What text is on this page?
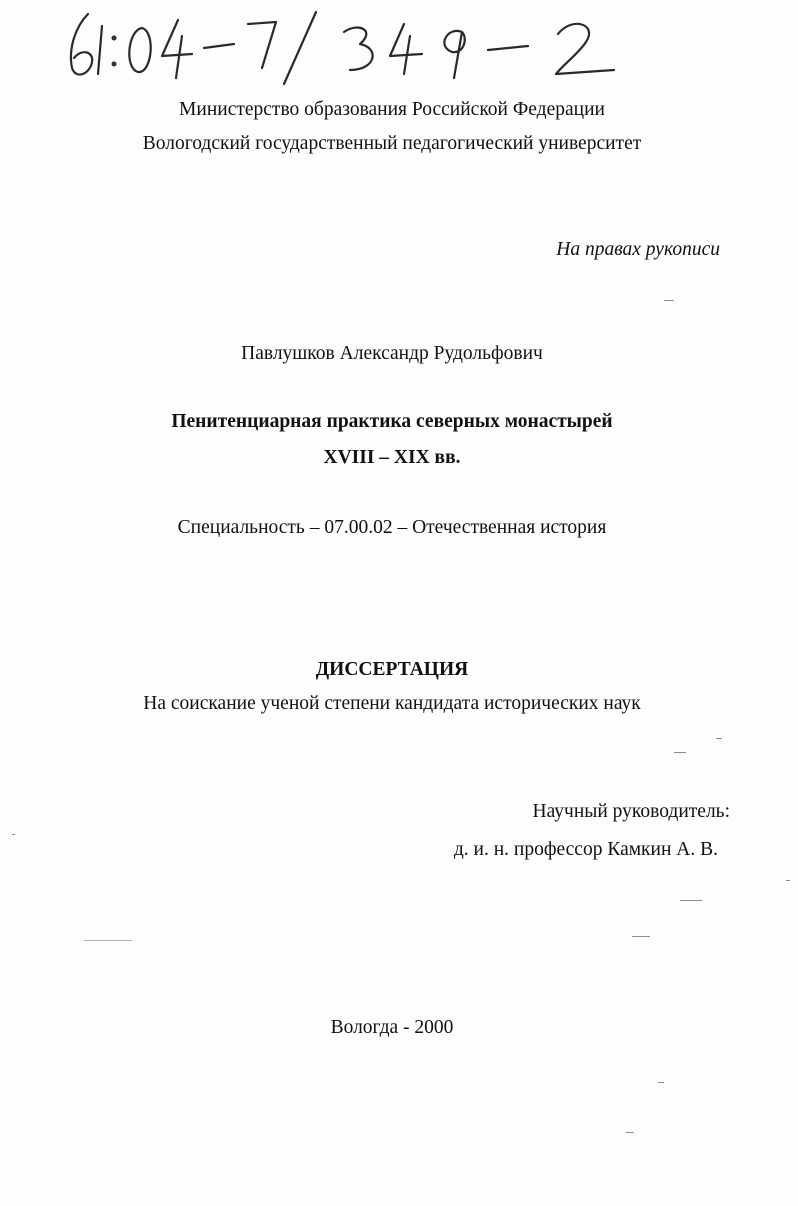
Министерство образования Российской Федерации
Вологодский государственный педагогический университет
На правах рукописи
Павлушков Александр Рудольфович
Пенитенциарная практика северных монастырей
XVIII – XIX вв.
Специальность – 07.00.02 – Отечественная история
ДИССЕРТАЦИЯ
На соискание ученой степени кандидата исторических наук
Научный руководитель:
д. и. н. профессор Камкин А. В.
Вологда - 2000
